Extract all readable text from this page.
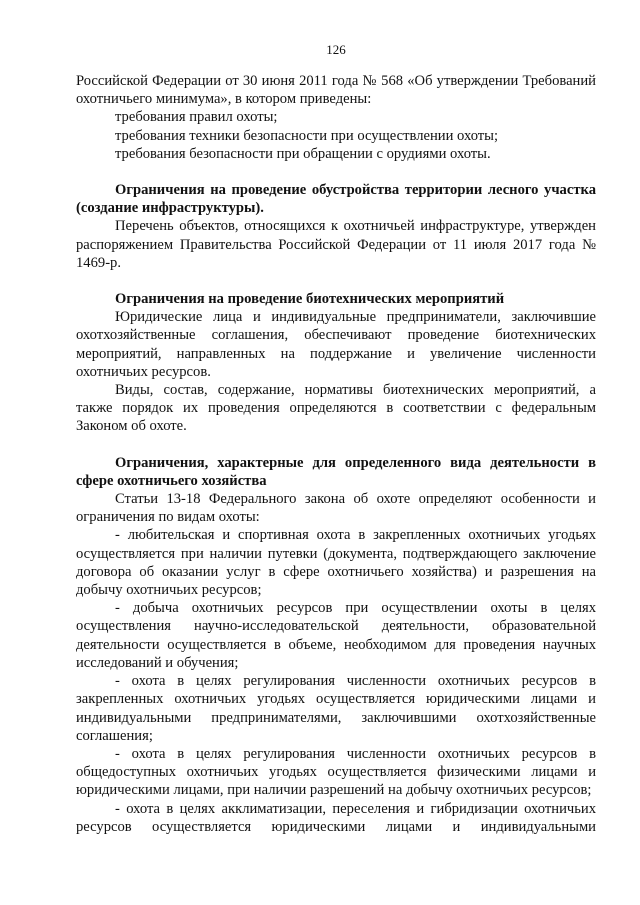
126

Российской Федерации от 30 июня 2011 года № 568 «Об утверждении Требований охотничьего минимума», в котором приведены:

требования правил охоты;

требования техники безопасности при осуществлении охоты;

требования безопасности при обращении с орудиями охоты.

Ограничения на проведение обустройства территории лесного участка (создание инфраструктуры).

Перечень объектов, относящихся к охотничьей инфраструктуре, утвержден распоряжением Правительства Российской Федерации от 11 июля 2017 года № 1469-р.

Ограничения на проведение биотехнических мероприятий

Юридические лица и индивидуальные предприниматели, заключившие охотхозяйственные соглашения, обеспечивают проведение биотехнических мероприятий, направленных на поддержание и увеличение численности охотничьих ресурсов.

Виды, состав, содержание, нормативы биотехнических мероприятий, а также порядок их проведения определяются в соответствии с федеральным Законом об охоте.

Ограничения, характерные для определенного вида деятельности в сфере охотничьего хозяйства

Статьи 13-18 Федерального закона об охоте определяют особенности и ограничения по видам охоты:

- любительская и спортивная охота в закрепленных охотничьих угодьях осуществляется при наличии путевки (документа, подтверждающего заключение договора об оказании услуг в сфере охотничьего хозяйства) и разрешения на добычу охотничьих ресурсов;

- добыча охотничьих ресурсов при осуществлении охоты в целях осуществления научно-исследовательской деятельности, образовательной деятельности осуществляется в объеме, необходимом для проведения научных исследований и обучения;

- охота в целях регулирования численности охотничьих ресурсов в закрепленных охотничьих угодьях осуществляется юридическими лицами и индивидуальными предпринимателями, заключившими охотхозяйственные соглашения;

- охота в целях регулирования численности охотничьих ресурсов в общедоступных охотничьих угодьях осуществляется физическими лицами и юридическими лицами, при наличии разрешений на добычу охотничьих ресурсов;

- охота в целях акклиматизации, переселения и гибридизации охотничьих ресурсов осуществляется юридическими лицами и индивидуальными
